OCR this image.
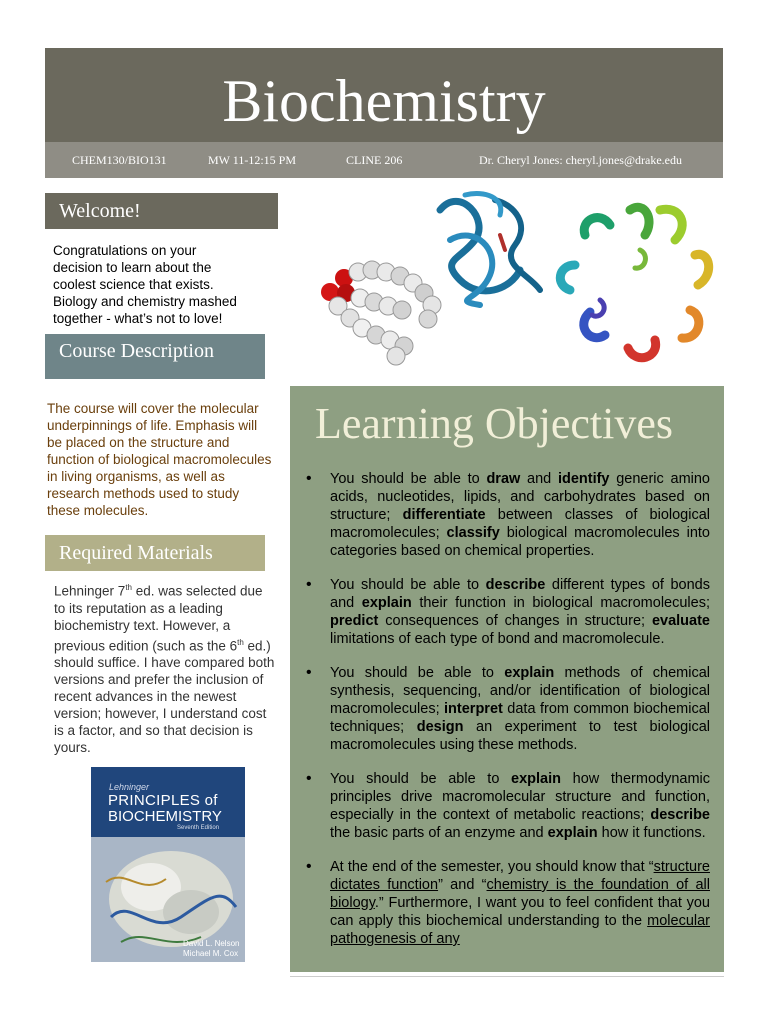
Biochemistry
CHEM130/BIO131	MW 11-12:15 PM	CLINE 206	Dr. Cheryl Jones: cheryl.jones@drake.edu
Welcome!
Congratulations on your
decision to learn about the
coolest science that exists.
Biology and chemistry mashed
together - what’s not to love!
Course Description
The course will cover the molecular
underpinnings of life. Emphasis will
be placed on the structure and
function of biological macromolecules
in living organisms, as well as
research methods used to study
these molecules.
Required Materials
Lehninger 7th ed. was selected due
to its reputation as a leading
biochemistry text. However, a
previous edition (such as the 6th ed.)
should suffice. I have compared both
versions and prefer the inclusion of
recent advances in the newest
version; however, I understand cost
is a factor, and so that decision is
yours.
Lehninger
PRINCIPLES of
BIOCHEMISTRY
Seventh Edition
David L. Nelson
Michael M. Cox
Learning Objectives
• You should be able to draw and identify generic amino acids, nucleotides, lipids, and carbohydrates based on structure; differentiate between classes of biological macromolecules; classify biological macromolecules into categories based on chemical properties.
• You should be able to describe different types of bonds and explain their function in biological macromolecules; predict consequences of changes in structure; evaluate limitations of each type of bond and macromolecule.
• You should be able to explain methods of chemical synthesis, sequencing, and/or identification of biological macromolecules; interpret data from common biochemical techniques; design an experiment to test biological macromolecules using these methods.
• You should be able to explain how thermodynamic principles drive macromolecular structure and function, especially in the context of metabolic reactions; describe the basic parts of an enzyme and explain how it functions.
• At the end of the semester, you should know that “structure dictates function” and “chemistry is the foundation of all biology.” Furthermore, I want you to feel confident that you can apply this biochemical understanding to the molecular pathogenesis of any
